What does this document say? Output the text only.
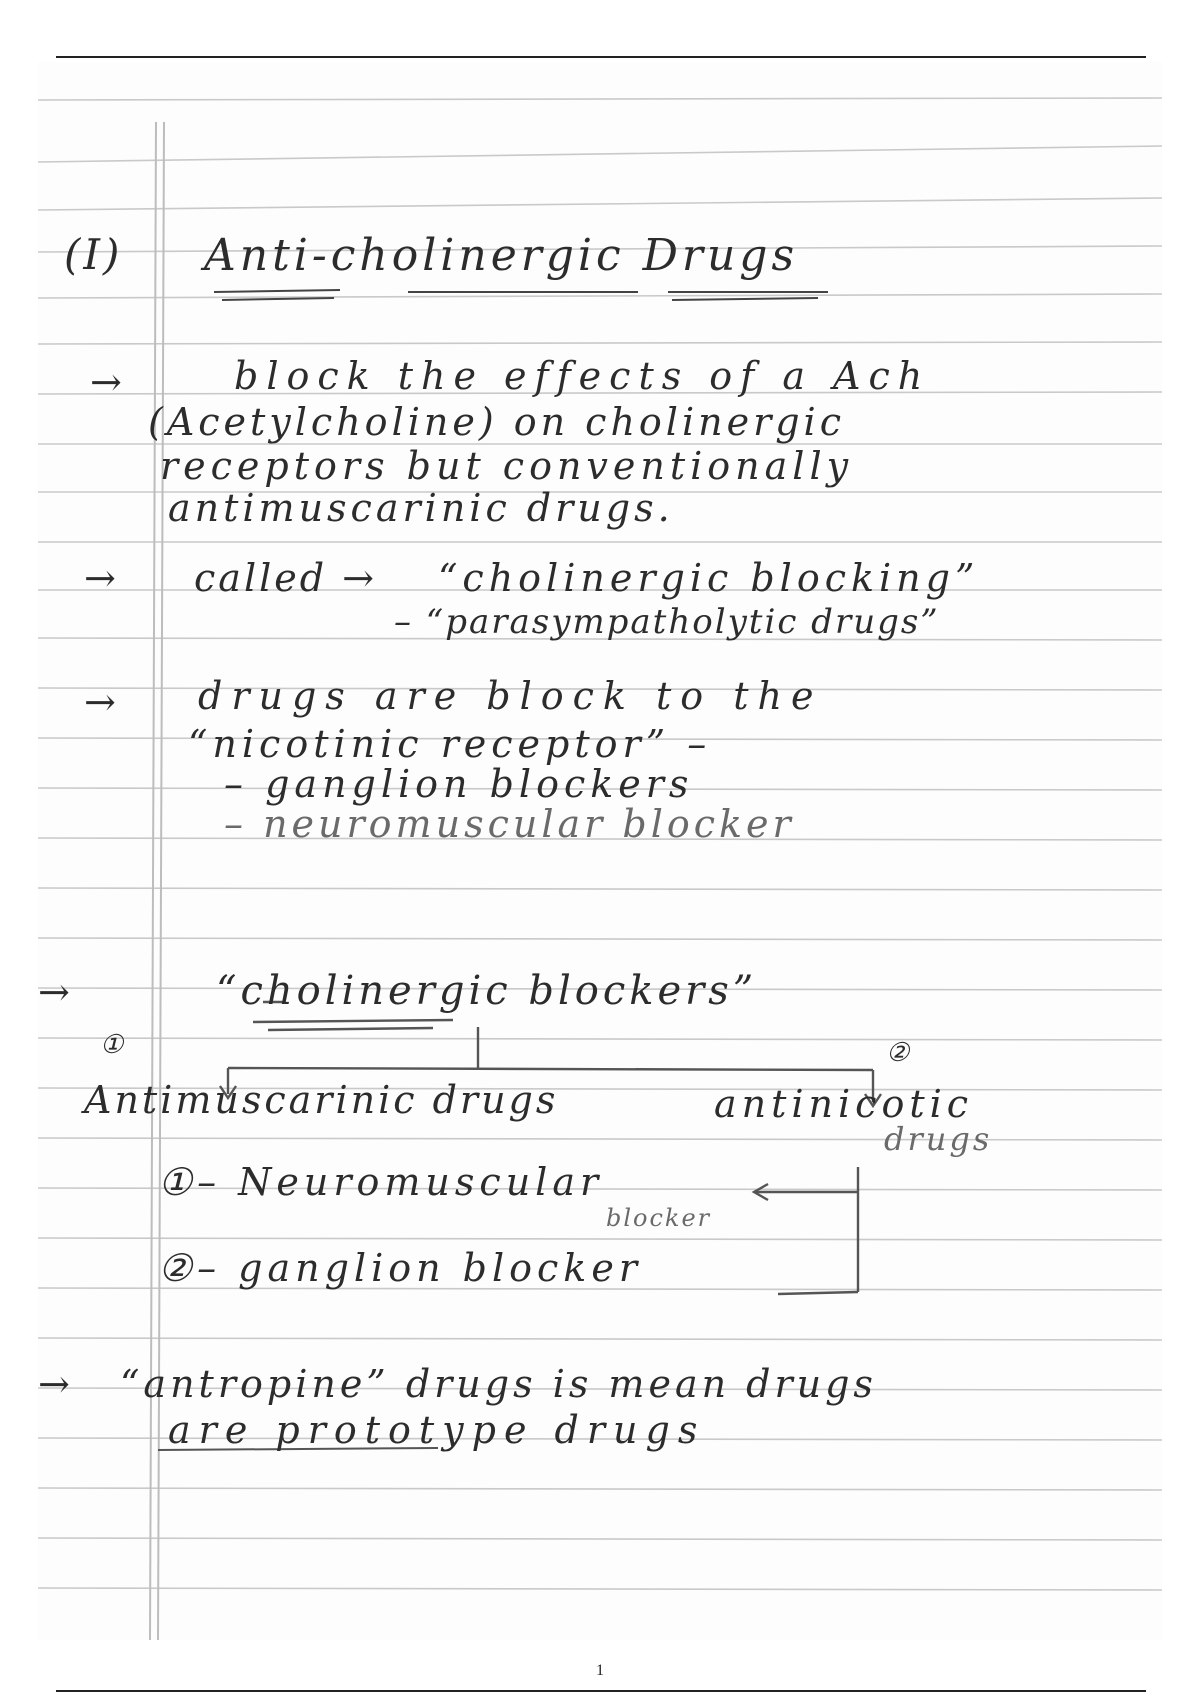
(I) Anti-cholinergic Drugs
→	block the effects of a Ach
(Acetylcholine) on cholinergic
receptors but conventionally
antimuscarinic drugs.
→ called → “cholinergic blocking”
– “parasympatholytic drugs”
→ drugs are block to the
“nicotinic receptor” –
– ganglion blockers
– neuromuscular blocker
→	“cholinergic blockers”
①	②
Antimuscarinic drugs	antinicotic
drugs
①– Neuromuscular
blocker
②– ganglion blocker
→ “antropine” drugs is mean drugs
are prototype drugs
1
